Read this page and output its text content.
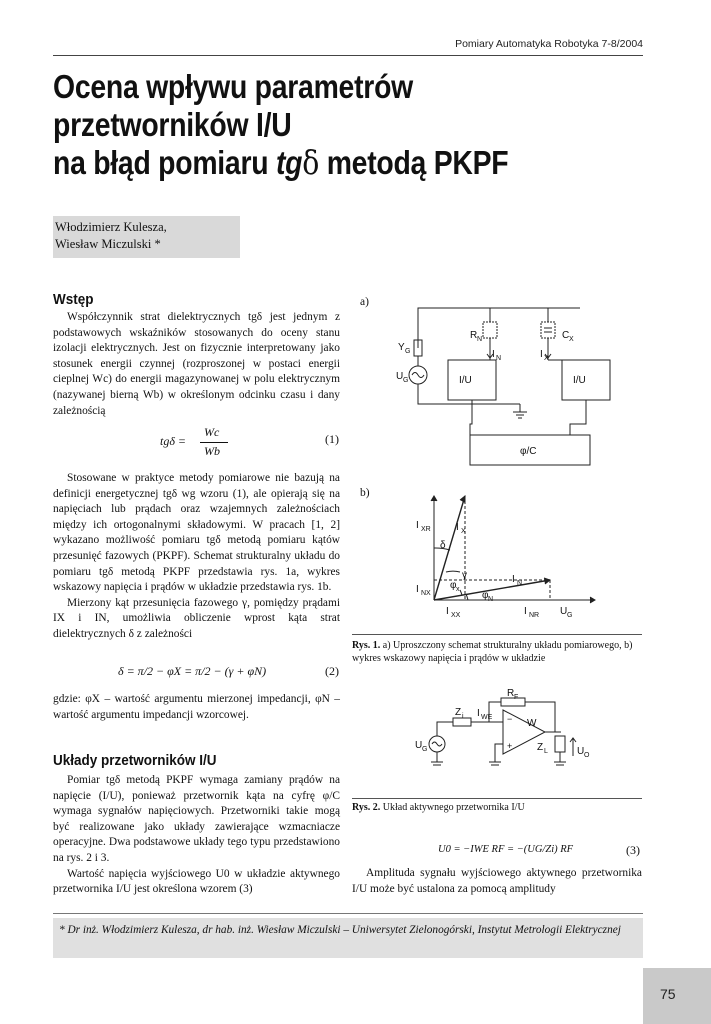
Pomiary Automatyka Robotyka 7-8/2004
Ocena wpływu parametrów
przetworników I/U
na błąd pomiaru tgδ metodą PKPF
Włodzimierz Kulesza,
Wiesław Miczulski *
Wstęp

Współczynnik strat dielektrycznych tgδ jest jednym z podstawowych wskaźników stosowanych do oceny stanu izolacji elektrycznych. Jest on fizycznie interpretowany jako stosunek energii czynnej (rozproszonej w postaci energii cieplnej Wc) do energii magazynowanej w polu elektrycznym (nazywanej bierną Wb) w określonym odcinku czasu i dany zależnością

tgδ =
Wc
Wb
(1)

Stosowane w praktyce metody pomiarowe nie bazują na definicji energetycznej tgδ wg wzoru (1), ale opierają się na napięciach lub prądach oraz wzajemnych zależnościach między ich ortogonalnymi składowymi. W pracach [1, 2] wykazano możliwość pomiaru tgδ metodą pomiaru kątów przesunięć fazowych (PKPF). Schemat strukturalny układu do pomiaru tgδ metodą PKPF przedstawia rys. 1a, wykres wskazowy napięcia i prądów w układzie przedstawia rys. 1b.

Mierzony kąt przesunięcia fazowego γ, pomiędzy prądami IX i IN, umożliwia obliczenie wprost kąta strat dielektrycznych δ z zależności

δ = π/2 − φX = π/2 − (γ + φN)	(2)

gdzie: φX – wartość argumentu mierzonej impedancji, φN – wartość argumentu impedancji wzorcowej.

Układy przetworników I/U

Pomiar tgδ metodą PKPF wymaga zamiany prądów na napięcie (I/U), ponieważ przetwornik kąta na cyfrę φ/C wymaga sygnałów napięciowych. Przetworniki takie mogą być realizowane jako układy zawierające wzmacniacze operacyjne. Dwa podstawowe układy tego typu przedstawiono na rys. 2 i 3.

Wartość napięcia wyjściowego U0 w układzie aktywnego przetwornika I/U jest określona wzorem (3)

a)
Y G
U G
R N	C X
I N	I X
I/U	I/U
φ/C
b)
I XR	I X
δ
γ
φ x
I N
I NX	φ N
I XX	I NR U G
Rys. 1. a) Uproszczony schemat strukturalny układu pomiarowego, b) wykres wskazowy napięcia i prądów w układzie
R F
Z i I WE
W
−
+
U G	Z L	U O
Rys. 2. Układ aktywnego przetwornika I/U
U0 = −IWE RF = −(UG/Zi) RF	(3)

Amplituda sygnału wyjściowego aktywnego przetwornika I/U może być ustalona za pomocą amplitudy

* Dr inż. Włodzimierz Kulesza, dr hab. inż. Wiesław Miczulski – Uniwersytet Zielonogórski, Instytut Metrologii Elektrycznej
75
